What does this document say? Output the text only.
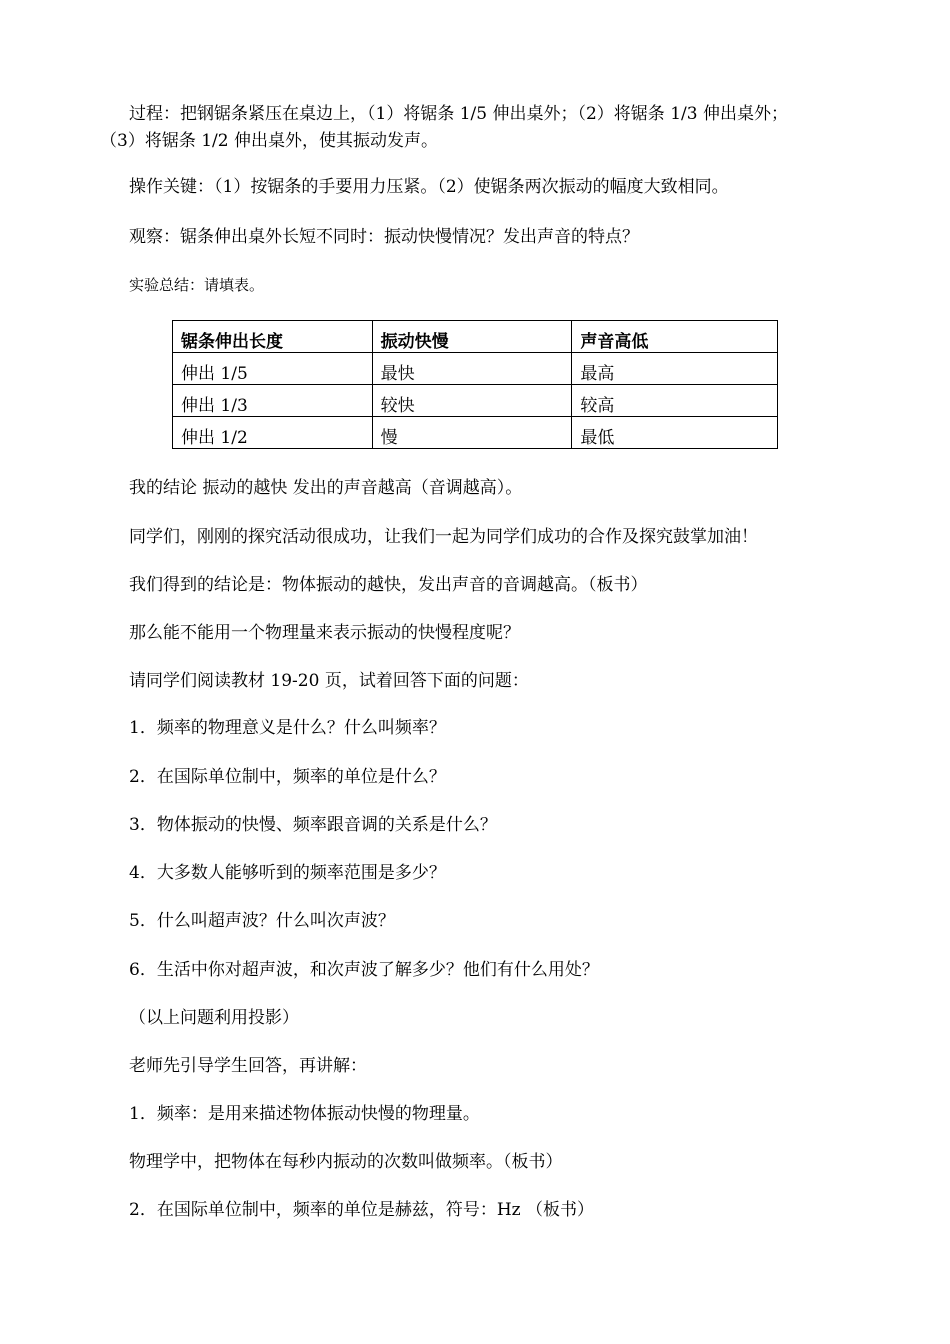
过程：把钢锯条紧压在桌边上，（1）将锯条 1/5 伸出桌外；（2）将锯条 1/3 伸出桌外；
（3）将锯条 1/2 伸出桌外，使其振动发声。
操作关键：（1）按锯条的手要用力压紧。（2）使锯条两次振动的幅度大致相同。
观察：锯条伸出桌外长短不同时：振动快慢情况？发出声音的特点？
实验总结：请填表。
锯条伸出长度	振动快慢	声音高低
伸出 1/5	最快	最高
伸出 1/3	较快	较高
伸出 1/2	慢	最低
我的结论 振动的越快 发出的声音越高（音调越高）。
同学们，刚刚的探究活动很成功，让我们一起为同学们成功的合作及探究鼓掌加油！
我们得到的结论是：物体振动的越快，发出声音的音调越高。（板书）
那么能不能用一个物理量来表示振动的快慢程度呢？
请同学们阅读教材 19-20 页，试着回答下面的问题：
1．频率的物理意义是什么？什么叫频率？
2．在国际单位制中，频率的单位是什么？
3．物体振动的快慢、频率跟音调的关系是什么？
4．大多数人能够听到的频率范围是多少？
5．什么叫超声波？什么叫次声波？
6．生活中你对超声波，和次声波了解多少？他们有什么用处？
（以上问题利用投影）
老师先引导学生回答，再讲解：
1．频率：是用来描述物体振动快慢的物理量。
物理学中，把物体在每秒内振动的次数叫做频率。（板书）
2．在国际单位制中，频率的单位是赫兹，符号：Hz （板书）
